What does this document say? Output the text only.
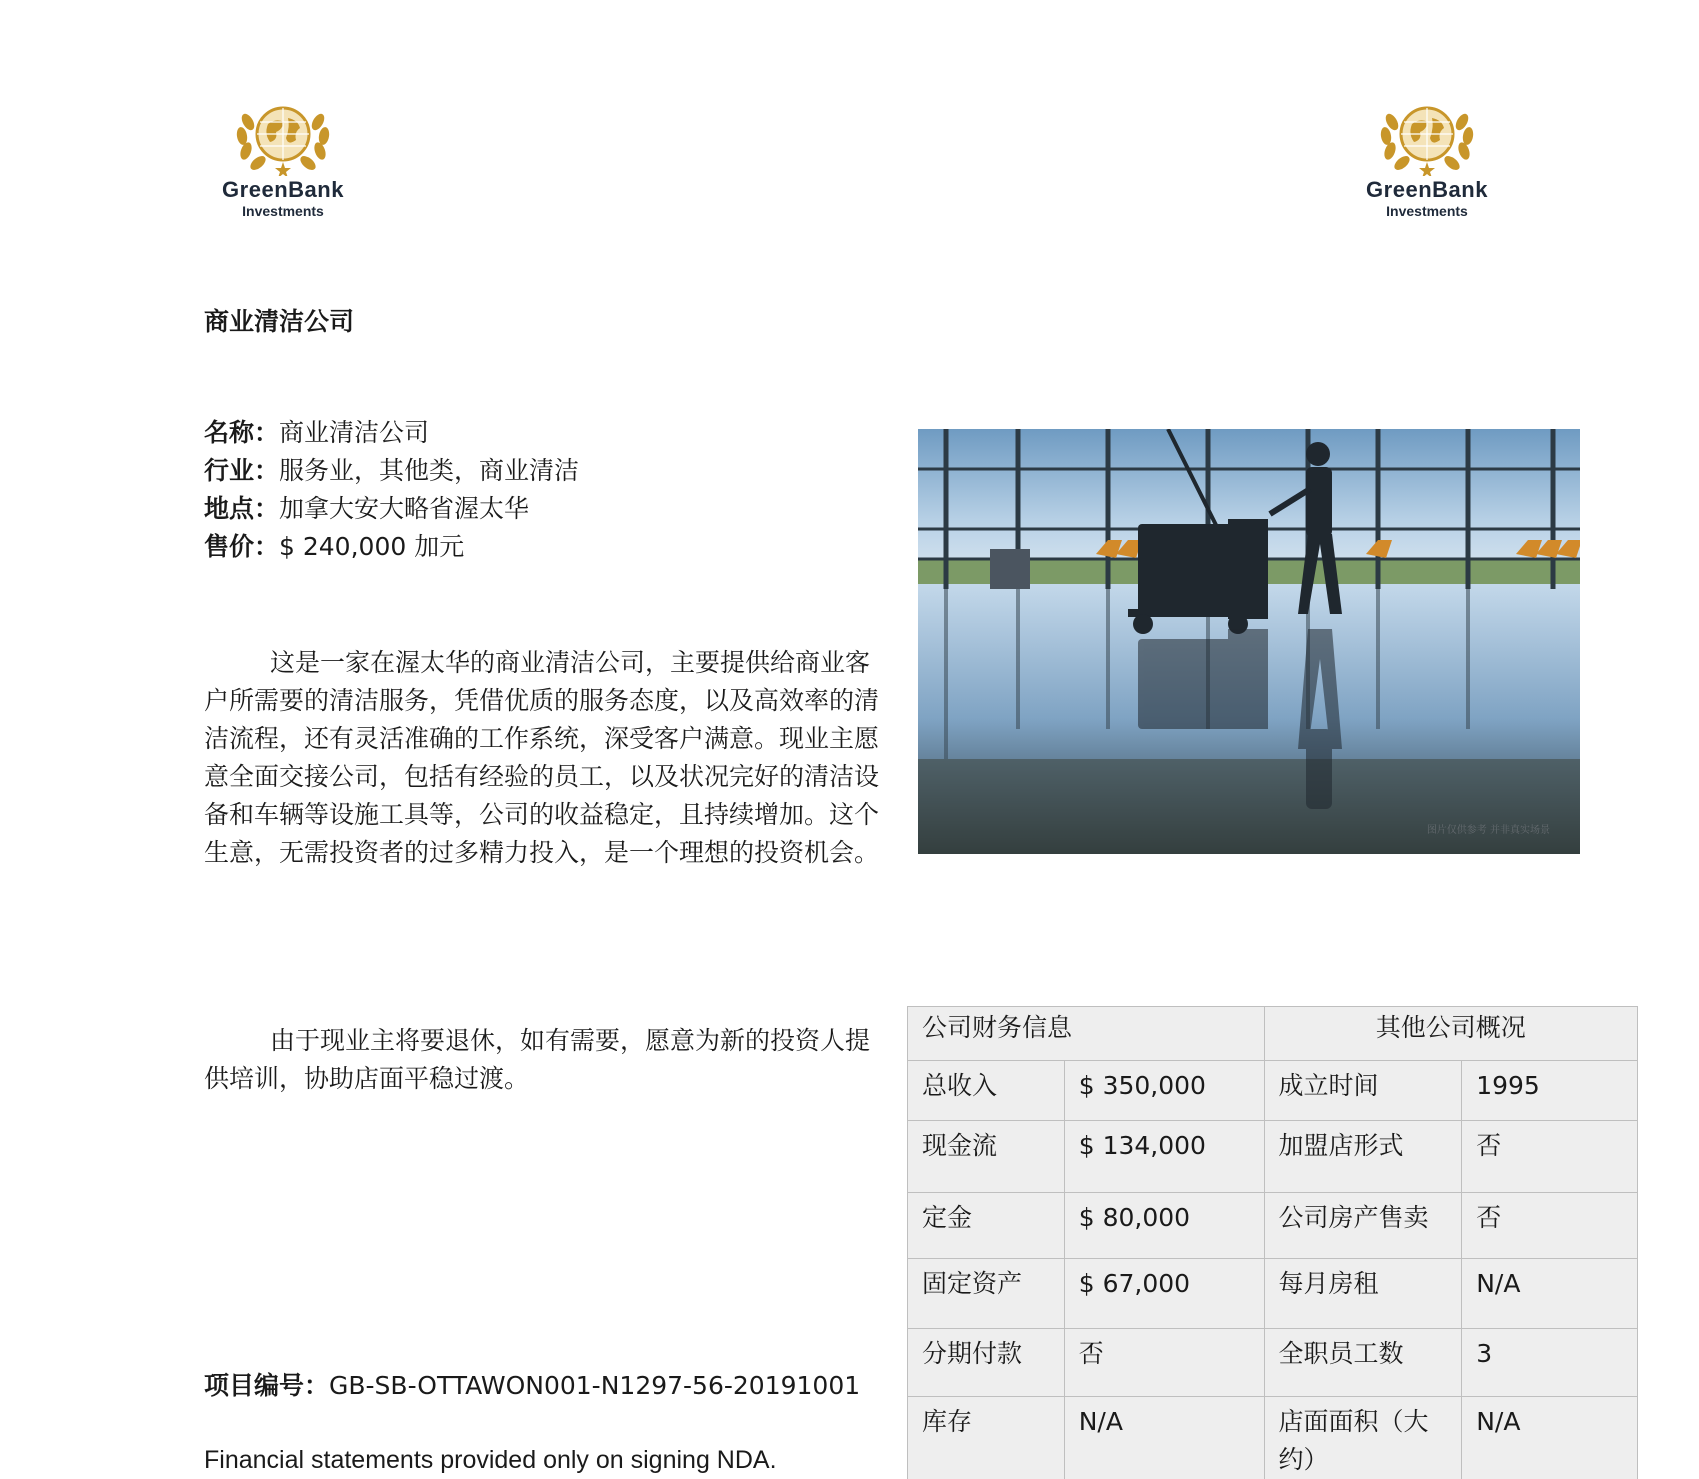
GreenBank
Investments
GreenBank
Investments
商业清洁公司
名称：商业清洁公司
行业：服务业，其他类，商业清洁
地点：加拿大安大略省渥太华
售价：$ 240,000 加元

这是一家在渥太华的商业清洁公司，主要提供给商业客户所需要的清洁服务，凭借优质的服务态度，以及高效率的清洁流程，还有灵活准确的工作系统，深受客户满意。现业主愿意全面交接公司，包括有经验的员工，以及状况完好的清洁设备和车辆等设施工具等，公司的收益稳定，且持续增加。这个生意，无需投资者的过多精力投入，是一个理想的投资机会。

由于现业主将要退休，如有需要，愿意为新的投资人提供培训，协助店面平稳过渡。

图片仅供参考 并非真实场景
公司财务信息		其他公司概况	
总收入	$ 350,000	成立时间	1995
现金流	$ 134,000	加盟店形式	否
定金	$ 80,000	公司房产售卖	否
固定资产	$ 67,000	每月房租	N/A
分期付款	否	全职员工数	3
库存	N/A	店面面积（大约）	N/A
项目编号：GB-SB-OTTAWON001-N1297-56-20191001
Financial statements provided only on signing NDA.
